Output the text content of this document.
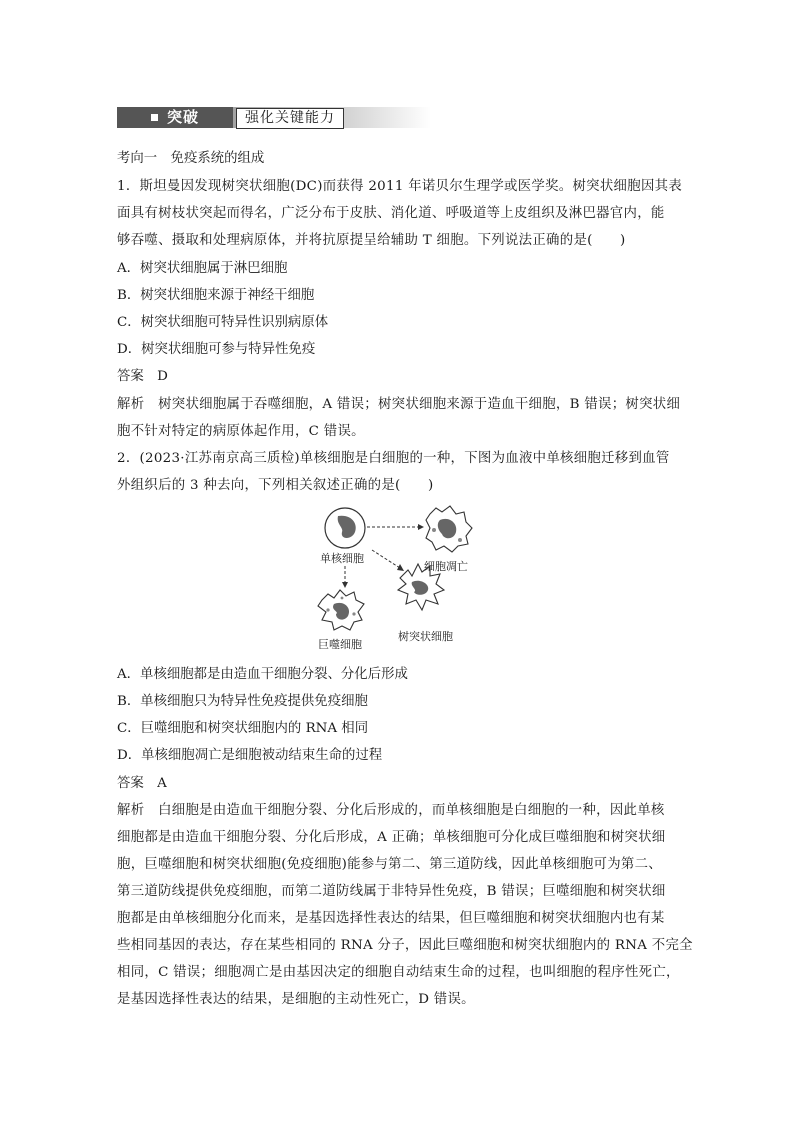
突破	强化关键能力
考向一　免疫系统的组成
1．斯坦曼因发现树突状细胞(DC)而获得 2011 年诺贝尔生理学或医学奖。树突状细胞因其表
面具有树枝状突起而得名，广泛分布于皮肤、消化道、呼吸道等上皮组织及淋巴器官内，能
够吞噬、摄取和处理病原体，并将抗原提呈给辅助 T 细胞。下列说法正确的是(　　)
A．树突状细胞属于淋巴细胞
B．树突状细胞来源于神经干细胞
C．树突状细胞可特异性识别病原体
D．树突状细胞可参与特异性免疫
答案　D
解析　树突状细胞属于吞噬细胞，A 错误；树突状细胞来源于造血干细胞，B 错误；树突状细
胞不针对特定的病原体起作用，C 错误。
2．(2023·江苏南京高三质检)单核细胞是白细胞的一种，下图为血液中单核细胞迁移到血管
外组织后的 3 种去向，下列相关叙述正确的是(　　)
单核细胞
细胞凋亡
树突状细胞
巨噬细胞
A．单核细胞都是由造血干细胞分裂、分化后形成
B．单核细胞只为特异性免疫提供免疫细胞
C．巨噬细胞和树突状细胞内的 RNA 相同
D．单核细胞凋亡是细胞被动结束生命的过程
答案　A
解析　白细胞是由造血干细胞分裂、分化后形成的，而单核细胞是白细胞的一种，因此单核
细胞都是由造血干细胞分裂、分化后形成，A 正确；单核细胞可分化成巨噬细胞和树突状细
胞，巨噬细胞和树突状细胞(免疫细胞)能参与第二、第三道防线，因此单核细胞可为第二、
第三道防线提供免疫细胞，而第二道防线属于非特异性免疫，B 错误；巨噬细胞和树突状细
胞都是由单核细胞分化而来，是基因选择性表达的结果，但巨噬细胞和树突状细胞内也有某
些相同基因的表达，存在某些相同的 RNA 分子，因此巨噬细胞和树突状细胞内的 RNA 不完全
相同，C 错误；细胞凋亡是由基因决定的细胞自动结束生命的过程，也叫细胞的程序性死亡，
是基因选择性表达的结果，是细胞的主动性死亡，D 错误。
